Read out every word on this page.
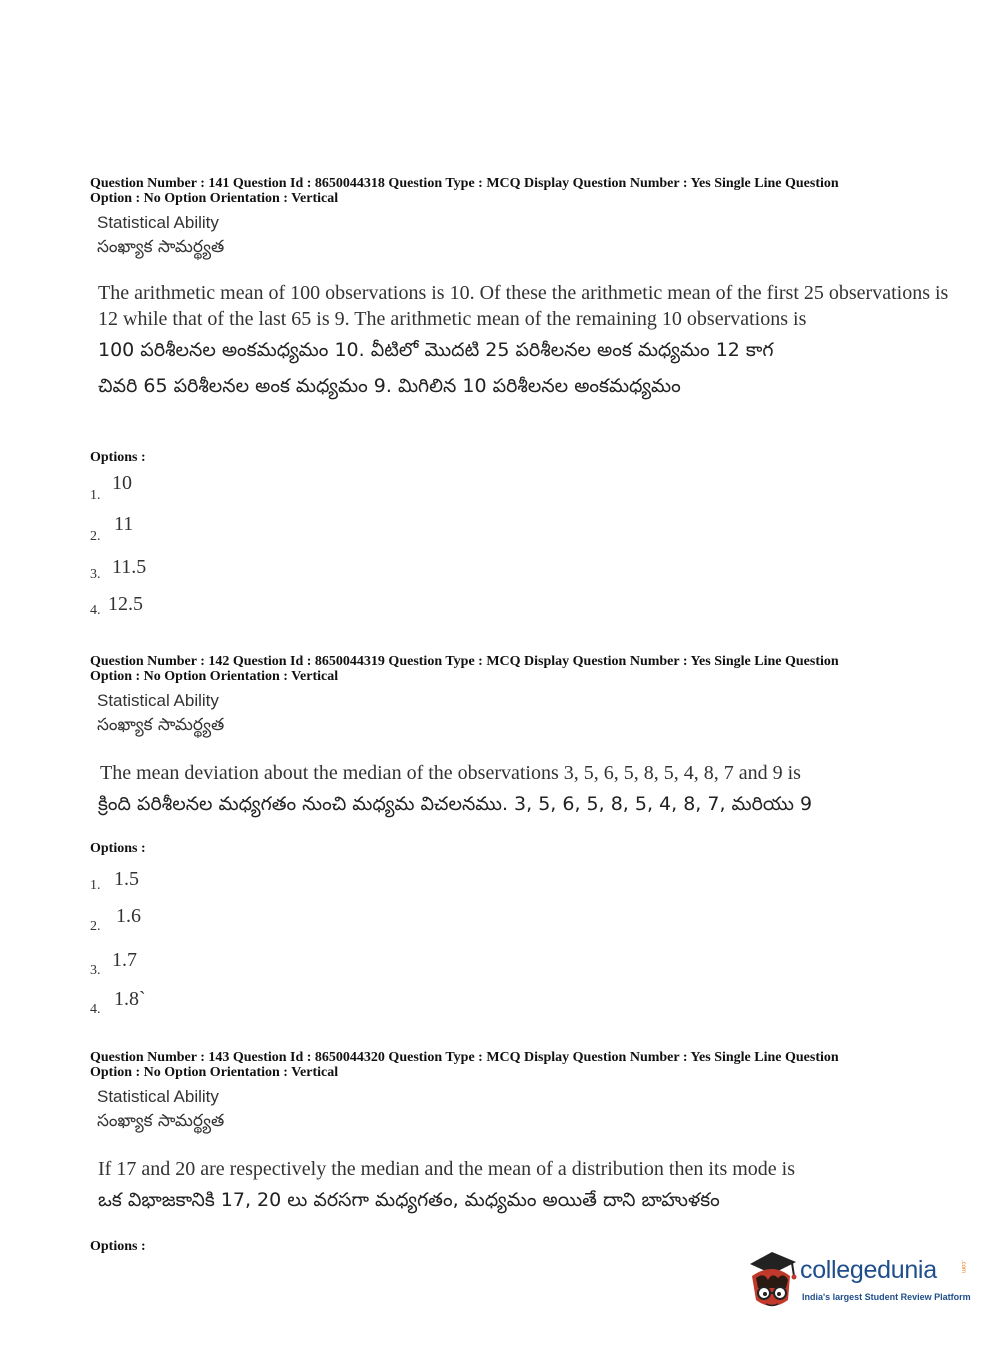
Question Number : 141 Question Id : 8650044318 Question Type : MCQ Display Question Number : Yes Single Line Question

Option : No Option Orientation : Vertical

Statistical Ability
సంఖ్యాక సామర్థ్యత

The arithmetic mean of 100 observations is 10. Of these the arithmetic mean of the first 25 observations is 12 while that of the last 65 is 9. The arithmetic mean of the remaining 10 observations is

100 పరిశీలనల అంకమధ్యమం 10. వీటిలో మొదటి 25 పరిశీలనల అంక మధ్యమం 12 కాగ
చివరి 65 పరిశీలనల అంక మధ్యమం 9. మిగిలిన 10 పరిశీలనల అంకమధ్యమం
Options :
1.
10
2.
11
3. 11.5
4. 12.5

Question Number : 142 Question Id : 8650044319 Question Type : MCQ Display Question Number : Yes Single Line Question

Option : No Option Orientation : Vertical

Statistical Ability
సంఖ్యాక సామర్థ్యత

The mean deviation about the median of the observations 3, 5, 6, 5, 8, 5, 4, 8, 7 and 9 is

క్రింది పరిశీలనల మధ్యగతం నుంచి మధ్యమ విచలనము. 3, 5, 6, 5, 8, 5, 4, 8, 7, మరియు 9
Options :
1. 1.5
2. 1.6
3. 1.7
4. 1.8`

Question Number : 143 Question Id : 8650044320 Question Type : MCQ Display Question Number : Yes Single Line Question

Option : No Option Orientation : Vertical

Statistical Ability
సంఖ్యాక సామర్థ్యత

If 17 and 20 are respectively the median and the mean of a distribution then its mode is

ఒక విభాజకానికి 17, 20 లు వరసగా మధ్యగతం, మధ్యమం అయితే దాని బాహుళకం
Options :
collegedunia	.com
India's largest Student Review Platform
